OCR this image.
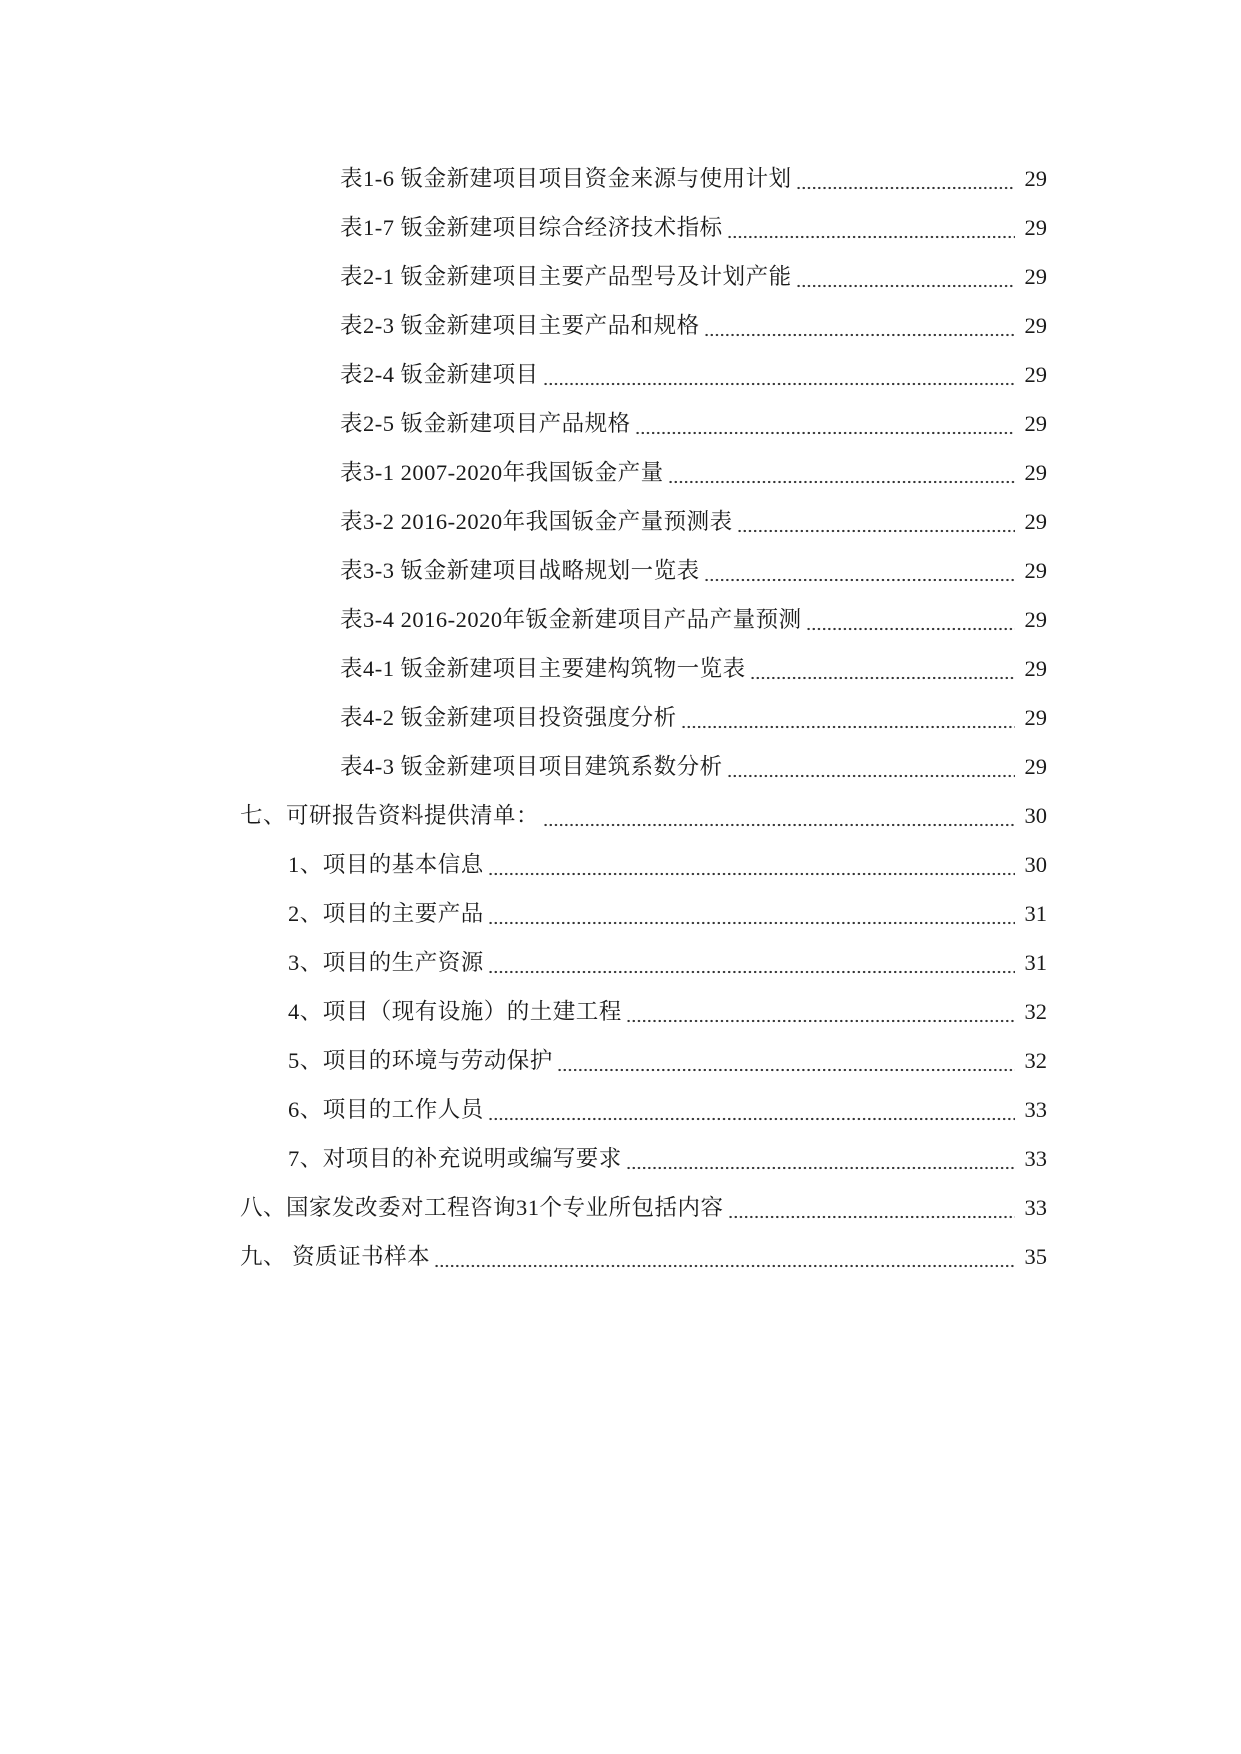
表1-6 钣金新建项目项目资金来源与使用计划	29
表1-7 钣金新建项目综合经济技术指标	29
表2-1 钣金新建项目主要产品型号及计划产能	29
表2-3 钣金新建项目主要产品和规格	29
表2-4 钣金新建项目	29
表2-5 钣金新建项目产品规格	29
表3-1 2007-2020年我国钣金产量	29
表3-2 2016-2020年我国钣金产量预测表	29
表3-3 钣金新建项目战略规划一览表	29
表3-4 2016-2020年钣金新建项目产品产量预测	29
表4-1 钣金新建项目主要建构筑物一览表	29
表4-2 钣金新建项目投资强度分析	29
表4-3 钣金新建项目项目建筑系数分析	29
七、可研报告资料提供清单：	30
1、项目的基本信息	30
2、项目的主要产品	31
3、项目的生产资源	31
4、项目（现有设施）的土建工程	32
5、项目的环境与劳动保护	32
6、项目的工作人员	33
7、对项目的补充说明或编写要求	33
八、国家发改委对工程咨询31个专业所包括内容	33
九、 资质证书样本	35
